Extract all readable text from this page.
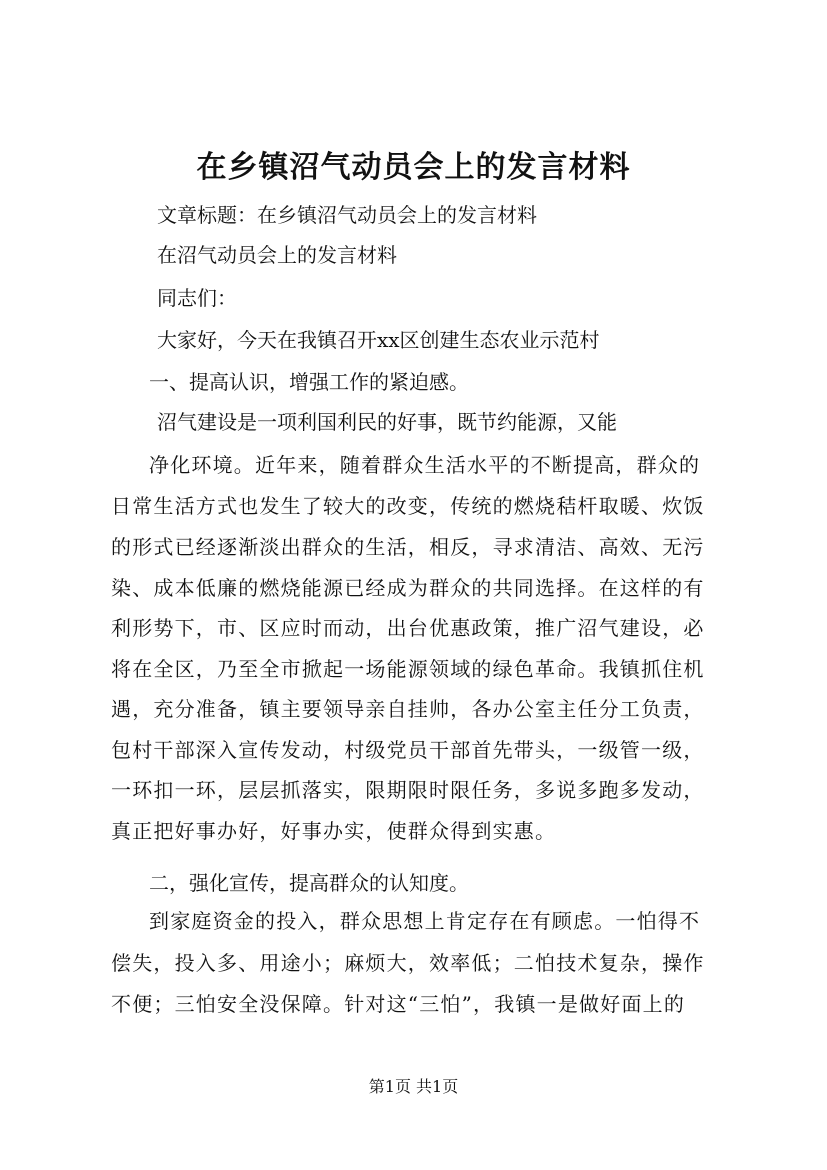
在乡镇沼气动员会上的发言材料
文章标题：在乡镇沼气动员会上的发言材料
在沼气动员会上的发言材料
同志们：
大家好，今天在我镇召开xx区创建生态农业示范村
一、提高认识，增强工作的紧迫感。
沼气建设是一项利国利民的好事，既节约能源，又能
净化环境。近年来，随着群众生活水平的不断提高，群众的
日常生活方式也发生了较大的改变，传统的燃烧秸杆取暖、炊饭
的形式已经逐渐淡出群众的生活，相反，寻求清洁、高效、无污
染、成本低廉的燃烧能源已经成为群众的共同选择。在这样的有
利形势下，市、区应时而动，出台优惠政策，推广沼气建设，必
将在全区，乃至全市掀起一场能源领域的绿色革命。我镇抓住机
遇，充分准备，镇主要领导亲自挂帅，各办公室主任分工负责，
包村干部深入宣传发动，村级党员干部首先带头，一级管一级，
一环扣一环，层层抓落实，限期限时限任务，多说多跑多发动，
真正把好事办好，好事办实，使群众得到实惠。
二，强化宣传，提高群众的认知度。
到家庭资金的投入，群众思想上肯定存在有顾虑。一怕得不
偿失，投入多、用途小；麻烦大，效率低；二怕技术复杂，操作
不便；三怕安全没保障。针对这“三怕”，我镇一是做好面上的
第1页 共1页
